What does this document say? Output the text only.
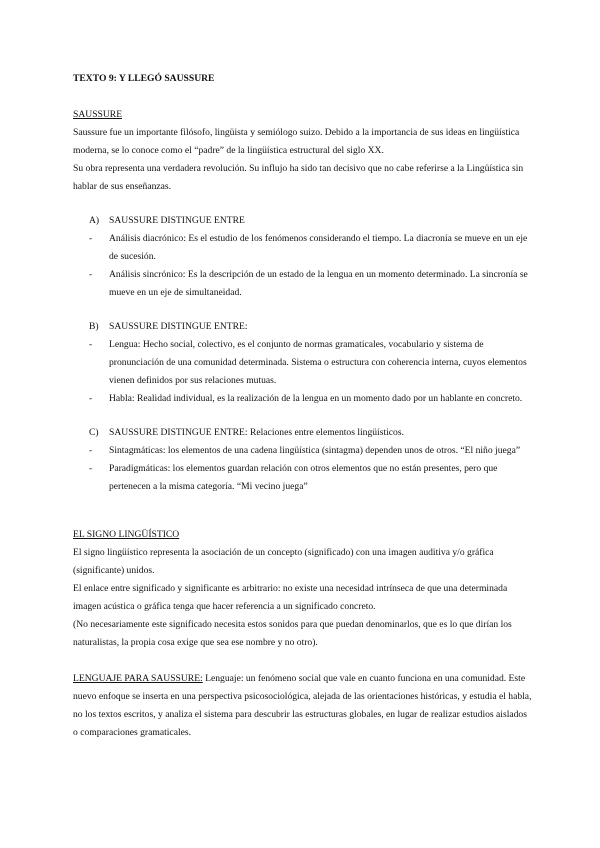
TEXTO 9: Y LLEGÓ SAUSSURE

SAUSSURE

Saussure fue un importante filósofo, lingüista y semiólogo suizo. Debido a la importancia de sus ideas en lingüística moderna, se lo conoce como el “padre” de la lingüística estructural del siglo XX.

Su obra representa una verdadera revolución. Su influjo ha sido tan decisivo que no cabe referirse a la Lingüística sin hablar de sus enseñanzas.

A) SAUSSURE DISTINGUE ENTRE

- Análisis diacrónico: Es el estudio de los fenómenos considerando el tiempo. La diacronía se mueve en un eje de sucesión.
- Análisis sincrónico: Es la descripción de un estado de la lengua en un momento determinado. La sincronía se mueve en un eje de simultaneidad.

B) SAUSSURE DISTINGUE ENTRE:

- Lengua: Hecho social, colectivo, es el conjunto de normas gramaticales, vocabulario y sistema de pronunciación de una comunidad determinada. Sistema o estructura con coherencia interna, cuyos elementos vienen definidos por sus relaciones mutuas.
- Habla: Realidad individual, es la realización de la lengua en un momento dado por un hablante en concreto.

C) SAUSSURE DISTINGUE ENTRE: Relaciones entre elementos lingüísticos.

- Sintagmáticas: los elementos de una cadena lingüística (sintagma) dependen unos de otros. “El niño juega”
- Paradigmáticas: los elementos guardan relación con otros elementos que no están presentes, pero que pertenecen a la misma categoría. “Mi vecino juega”

EL SIGNO LINGÜÍSTICO

El signo lingüístico representa la asociación de un concepto (significado) con una imagen auditiva y/o gráfica (significante) unidos.

El enlace entre significado y significante es arbitrario: no existe una necesidad intrínseca de que una determinada imagen acústica o gráfica tenga que hacer referencia a un significado concreto.

(No necesariamente este significado necesita estos sonidos para que puedan denominarlos, que es lo que dirían los naturalistas, la propia cosa exige que sea ese nombre y no otro).

LENGUAJE PARA SAUSSURE: Lenguaje: un fenómeno social que vale en cuanto funciona en una comunidad. Este nuevo enfoque se inserta en una perspectiva psicosociológica, alejada de las orientaciones históricas, y estudia el habla, no los textos escritos, y analiza el sistema para descubrir las estructuras globales, en lugar de realizar estudios aislados o comparaciones gramaticales.
